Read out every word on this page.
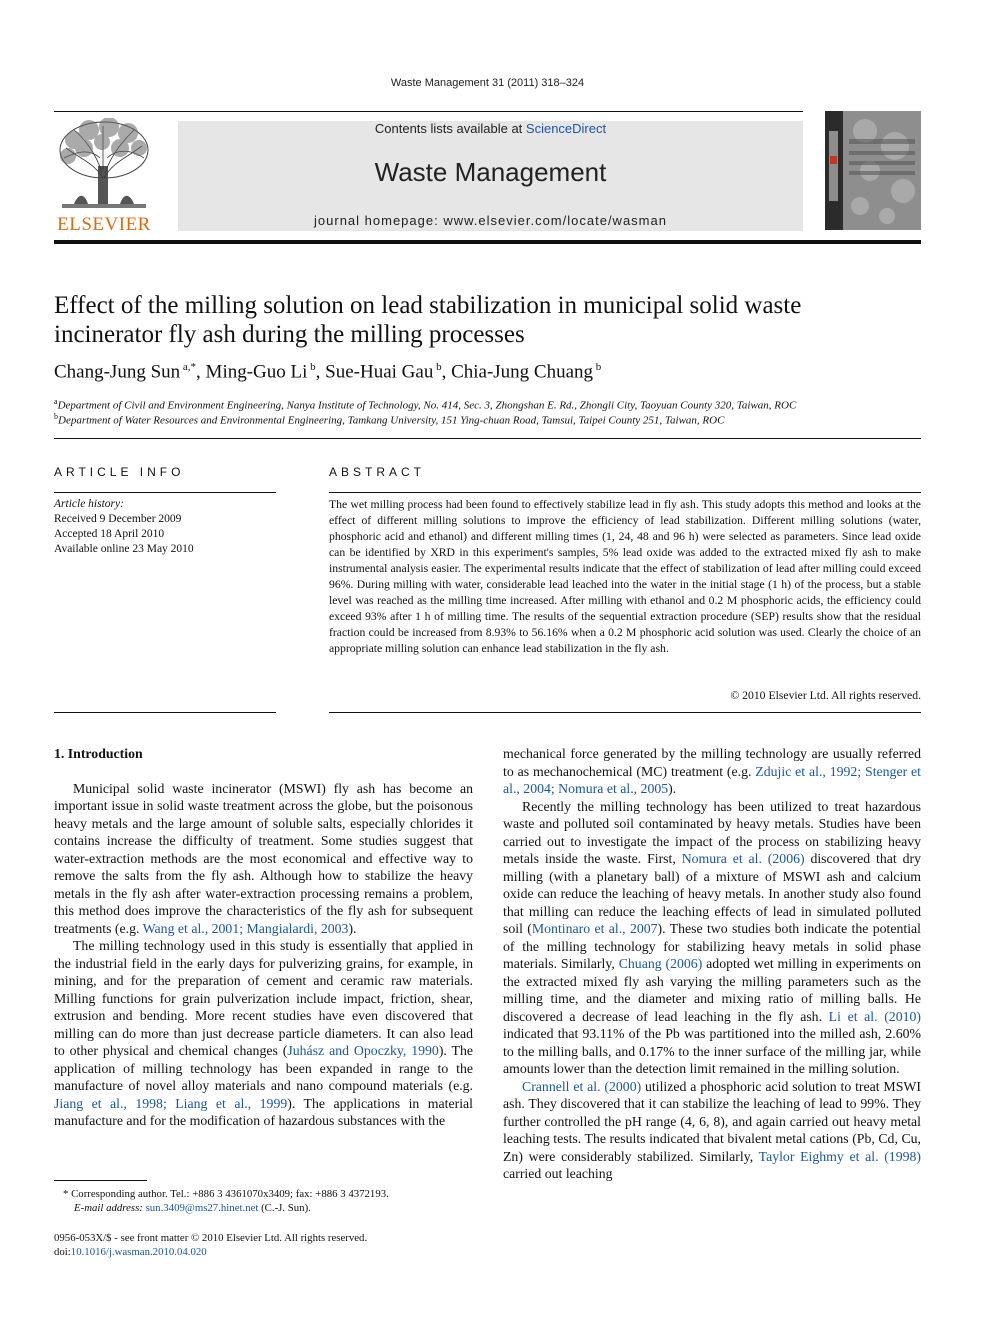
Waste Management 31 (2011) 318–324
ELSEVIER
Contents lists available at ScienceDirect
Waste Management
journal homepage: www.elsevier.com/locate/wasman
Effect of the milling solution on lead stabilization in municipal solid waste
incinerator fly ash during the milling processes
Chang-Jung Sun $^{a,*}$, Ming-Guo Li $^b$, Sue-Huai Gau $^b$, Chia-Jung Chuang $^b$
$^a$Department of Civil and Environment Engineering, Nanya Institute of Technology, No. 414, Sec. 3, Zhongshan E. Rd., Zhongli City, Taoyuan County 320, Taiwan, ROC
$^b$Department of Water Resources and Environmental Engineering, Tamkang University, 151 Ying-chuan Road, Tamsui, Taipei County 251, Taiwan, ROC
ARTICLE INFO
Article history:
Received 9 December 2009
Accepted 18 April 2010
Available online 23 May 2010
ABSTRACT
The wet milling process had been found to effectively stabilize lead in fly ash. This study adopts this method and looks at the effect of different milling solutions to improve the efficiency of lead stabilization. Different milling solutions (water, phosphoric acid and ethanol) and different milling times (1, 24, 48 and 96 h) were selected as parameters. Since lead oxide can be identified by XRD in this experiment's samples, 5% lead oxide was added to the extracted mixed fly ash to make instrumental analysis easier. The experimental results indicate that the effect of stabilization of lead after milling could exceed 96%. During milling with water, considerable lead leached into the water in the initial stage (1 h) of the process, but a stable level was reached as the milling time increased. After milling with ethanol and 0.2 M phosphoric acids, the efficiency could exceed 93% after 1 h of milling time. The results of the sequential extraction procedure (SEP) results show that the residual fraction could be increased from 8.93% to 56.16% when a 0.2 M phosphoric acid solution was used. Clearly the choice of an appropriate milling solution can enhance lead stabilization in the fly ash.
© 2010 Elsevier Ltd. All rights reserved.
1. Introduction

Municipal solid waste incinerator (MSWI) fly ash has become an important issue in solid waste treatment across the globe, but the poisonous heavy metals and the large amount of soluble salts, especially chlorides it contains increase the difficulty of treatment. Some studies suggest that water-extraction methods are the most economical and effective way to remove the salts from the fly ash. Although how to stabilize the heavy metals in the fly ash after water-extraction processing remains a problem, this method does improve the characteristics of the fly ash for subsequent treatments (e.g. Wang et al., 2001; Mangialardi, 2003).

The milling technology used in this study is essentially that applied in the industrial field in the early days for pulverizing grains, for example, in mining, and for the preparation of cement and ceramic raw materials. Milling functions for grain pulverization include impact, friction, shear, extrusion and bending. More recent studies have even discovered that milling can do more than just decrease particle diameters. It can also lead to other physical and chemical changes (Juhász and Opoczky, 1990). The application of milling technology has been expanded in range to the manufacture of novel alloy materials and nano compound materials (e.g. Jiang et al., 1998; Liang et al., 1999). The applications in material manufacture and for the modification of hazardous substances with the

mechanical force generated by the milling technology are usually referred to as mechanochemical (MC) treatment (e.g. Zdujic et al., 1992; Stenger et al., 2004; Nomura et al., 2005).

Recently the milling technology has been utilized to treat hazardous waste and polluted soil contaminated by heavy metals. Studies have been carried out to investigate the impact of the process on stabilizing heavy metals inside the waste. First, Nomura et al. (2006) discovered that dry milling (with a planetary ball) of a mixture of MSWI ash and calcium oxide can reduce the leaching of heavy metals. In another study also found that milling can reduce the leaching effects of lead in simulated polluted soil (Montinaro et al., 2007). These two studies both indicate the potential of the milling technology for stabilizing heavy metals in solid phase materials. Similarly, Chuang (2006) adopted wet milling in experiments on the extracted mixed fly ash varying the milling parameters such as the milling time, and the diameter and mixing ratio of milling balls. He discovered a decrease of lead leaching in the fly ash. Li et al. (2010) indicated that 93.11% of the Pb was partitioned into the milled ash, 2.60% to the milling balls, and 0.17% to the inner surface of the milling jar, while amounts lower than the detection limit remained in the milling solution.

Crannell et al. (2000) utilized a phosphoric acid solution to treat MSWI ash. They discovered that it can stabilize the leaching of lead to 99%. They further controlled the pH range (4, 6, 8), and again carried out heavy metal leaching tests. The results indicated that bivalent metal cations (Pb, Cd, Cu, Zn) were considerably stabilized. Similarly, Taylor Eighmy et al. (1998) carried out leaching

* Corresponding author. Tel.: +886 3 4361070x3409; fax: +886 3 4372193.
E-mail address: sun.3409@ms27.hinet.net (C.-J. Sun).
0956-053X/$ - see front matter © 2010 Elsevier Ltd. All rights reserved.
doi:10.1016/j.wasman.2010.04.020
